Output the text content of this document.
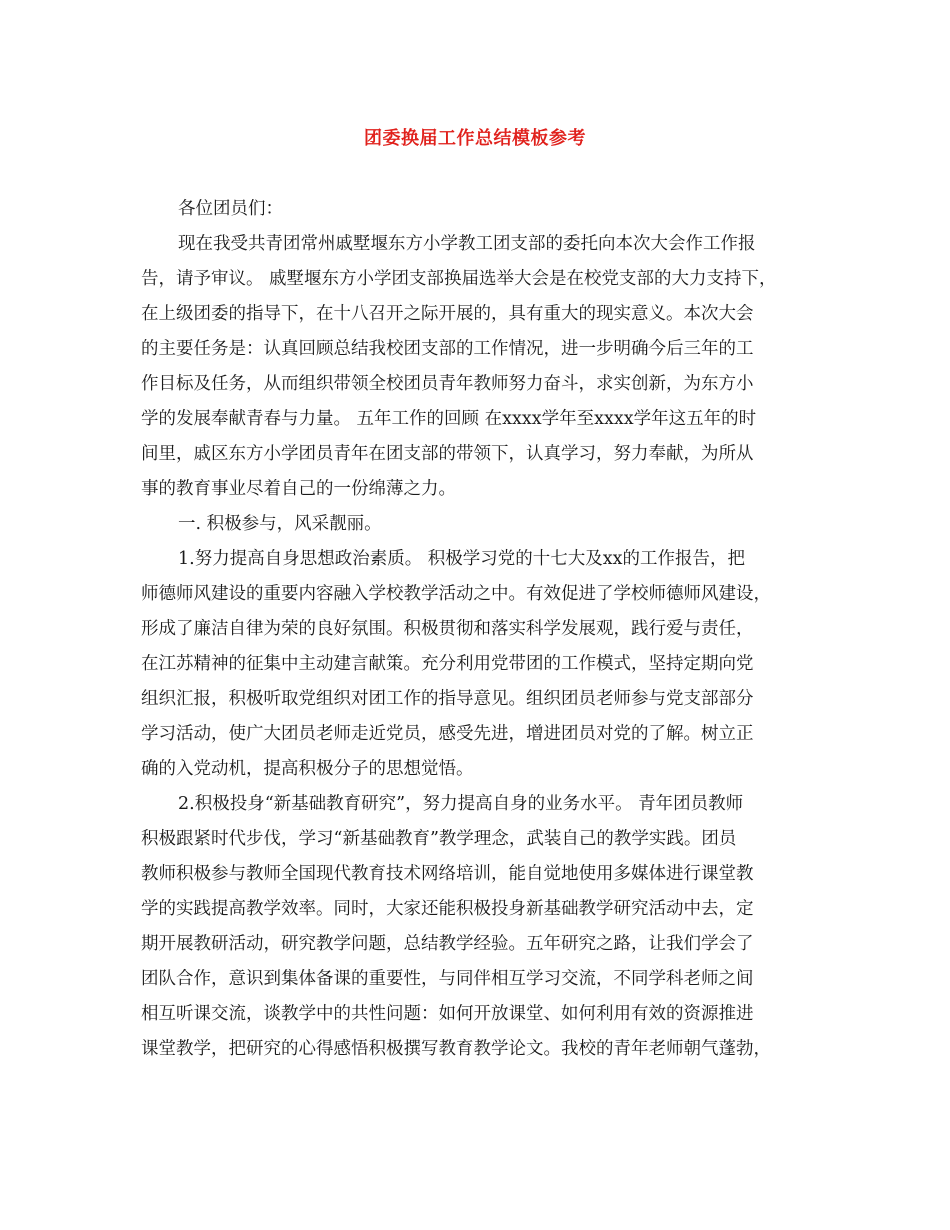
团委换届工作总结模板参考
各位团员们：
现在我受共青团常州戚墅堰东方小学教工团支部的委托向本次大会作工作报
告，请予审议。 戚墅堰东方小学团支部换届选举大会是在校党支部的大力支持下，
在上级团委的指导下，在十八召开之际开展的，具有重大的现实意义。本次大会
的主要任务是：认真回顾总结我校团支部的工作情况，进一步明确今后三年的工
作目标及任务，从而组织带领全校团员青年教师努力奋斗，求实创新，为东方小
学的发展奉献青春与力量。 五年工作的回顾 在xxxx学年至xxxx学年这五年的时
间里，戚区东方小学团员青年在团支部的带领下，认真学习，努力奉献，为所从
事的教育事业尽着自己的一份绵薄之力。
一. 积极参与，风采靓丽。
1.努力提高自身思想政治素质。 积极学习党的十七大及xx的工作报告，把
师德师风建设的重要内容融入学校教学活动之中。有效促进了学校师德师风建设，
形成了廉洁自律为荣的良好氛围。积极贯彻和落实科学发展观，践行爱与责任，
在江苏精神的征集中主动建言献策。充分利用党带团的工作模式，坚持定期向党
组织汇报，积极听取党组织对团工作的指导意见。组织团员老师参与党支部部分
学习活动，使广大团员老师走近党员，感受先进，增进团员对党的了解。树立正
确的入党动机，提高积极分子的思想觉悟。
2.积极投身“新基础教育研究”，努力提高自身的业务水平。 青年团员教师
积极跟紧时代步伐，学习“新基础教育”教学理念，武装自己的教学实践。团员
教师积极参与教师全国现代教育技术网络培训，能自觉地使用多媒体进行课堂教
学的实践提高教学效率。同时，大家还能积极投身新基础教学研究活动中去，定
期开展教研活动，研究教学问题，总结教学经验。五年研究之路，让我们学会了
团队合作，意识到集体备课的重要性，与同伴相互学习交流，不同学科老师之间
相互听课交流，谈教学中的共性问题：如何开放课堂、如何利用有效的资源推进
课堂教学，把研究的心得感悟积极撰写教育教学论文。我校的青年老师朝气蓬勃，
